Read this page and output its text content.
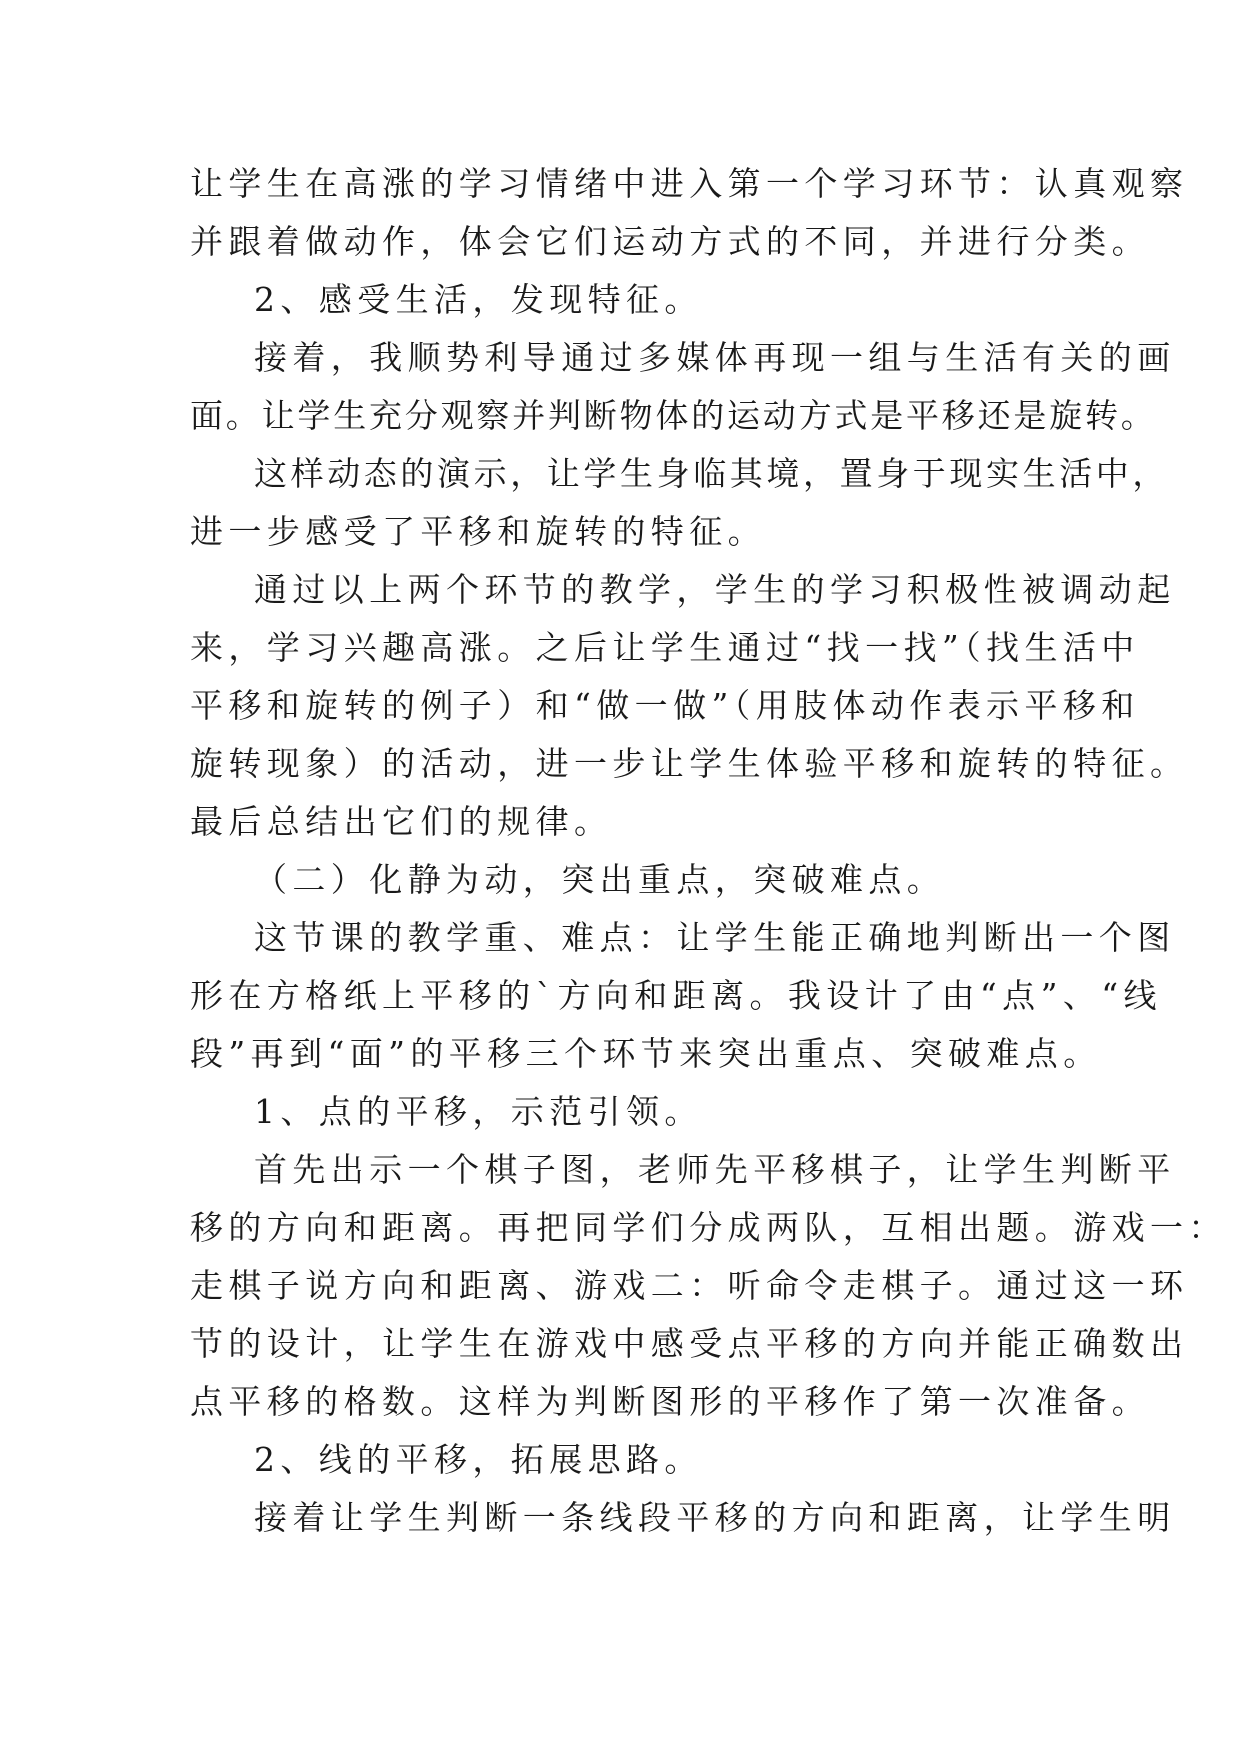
让学生在高涨的学习情绪中进入第一个学习环节：认真观察
并跟着做动作，体会它们运动方式的不同，并进行分类。
2、感受生活，发现特征。
接着，我顺势利导通过多媒体再现一组与生活有关的画
面。让学生充分观察并判断物体的运动方式是平移还是旋转。
这样动态的演示，让学生身临其境，置身于现实生活中，
进一步感受了平移和旋转的特征。
通过以上两个环节的教学，学生的学习积极性被调动起
来，学习兴趣高涨。之后让学生通过“找一找”（找生活中
平移和旋转的例子）和“做一做”（用肢体动作表示平移和
旋转现象）的活动，进一步让学生体验平移和旋转的特征。
最后总结出它们的规律。
（二）化静为动，突出重点，突破难点。
这节课的教学重、难点：让学生能正确地判断出一个图
形在方格纸上平移的`方向和距离。我设计了由“点”、“线
段”再到“面”的平移三个环节来突出重点、突破难点。
1、点的平移，示范引领。
首先出示一个棋子图，老师先平移棋子，让学生判断平
移的方向和距离。再把同学们分成两队，互相出题。游戏一：
走棋子说方向和距离、游戏二：听命令走棋子。通过这一环
节的设计，让学生在游戏中感受点平移的方向并能正确数出
点平移的格数。这样为判断图形的平移作了第一次准备。
2、线的平移，拓展思路。
接着让学生判断一条线段平移的方向和距离，让学生明
